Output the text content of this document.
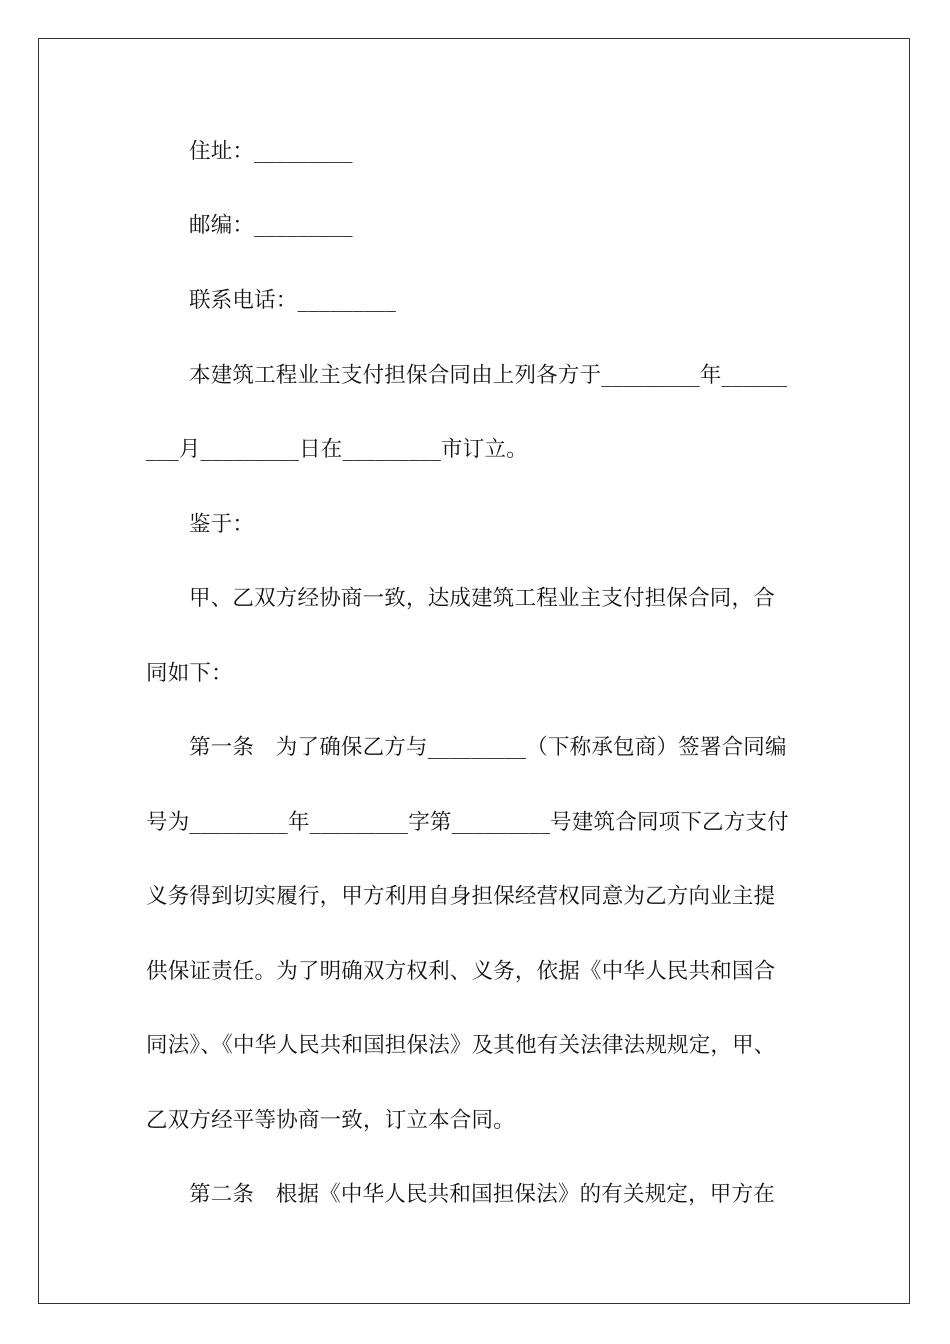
住址：_________
邮编：_________
联系电话：_________
本建筑工程业主支付担保合同由上列各方于_________年______
___月_________日在_________市订立。
鉴于：
甲、乙双方经协商一致，达成建筑工程业主支付担保合同，合
同如下：
第一条　为了确保乙方与_________（下称承包商）签署合同编
号为_________年_________字第_________号建筑合同项下乙方支付
义务得到切实履行，甲方利用自身担保经营权同意为乙方向业主提
供保证责任。为了明确双方权利、义务，依据《中华人民共和国合
同法》、《中华人民共和国担保法》及其他有关法律法规规定，甲、
乙双方经平等协商一致，订立本合同。
第二条　根据《中华人民共和国担保法》的有关规定，甲方在
